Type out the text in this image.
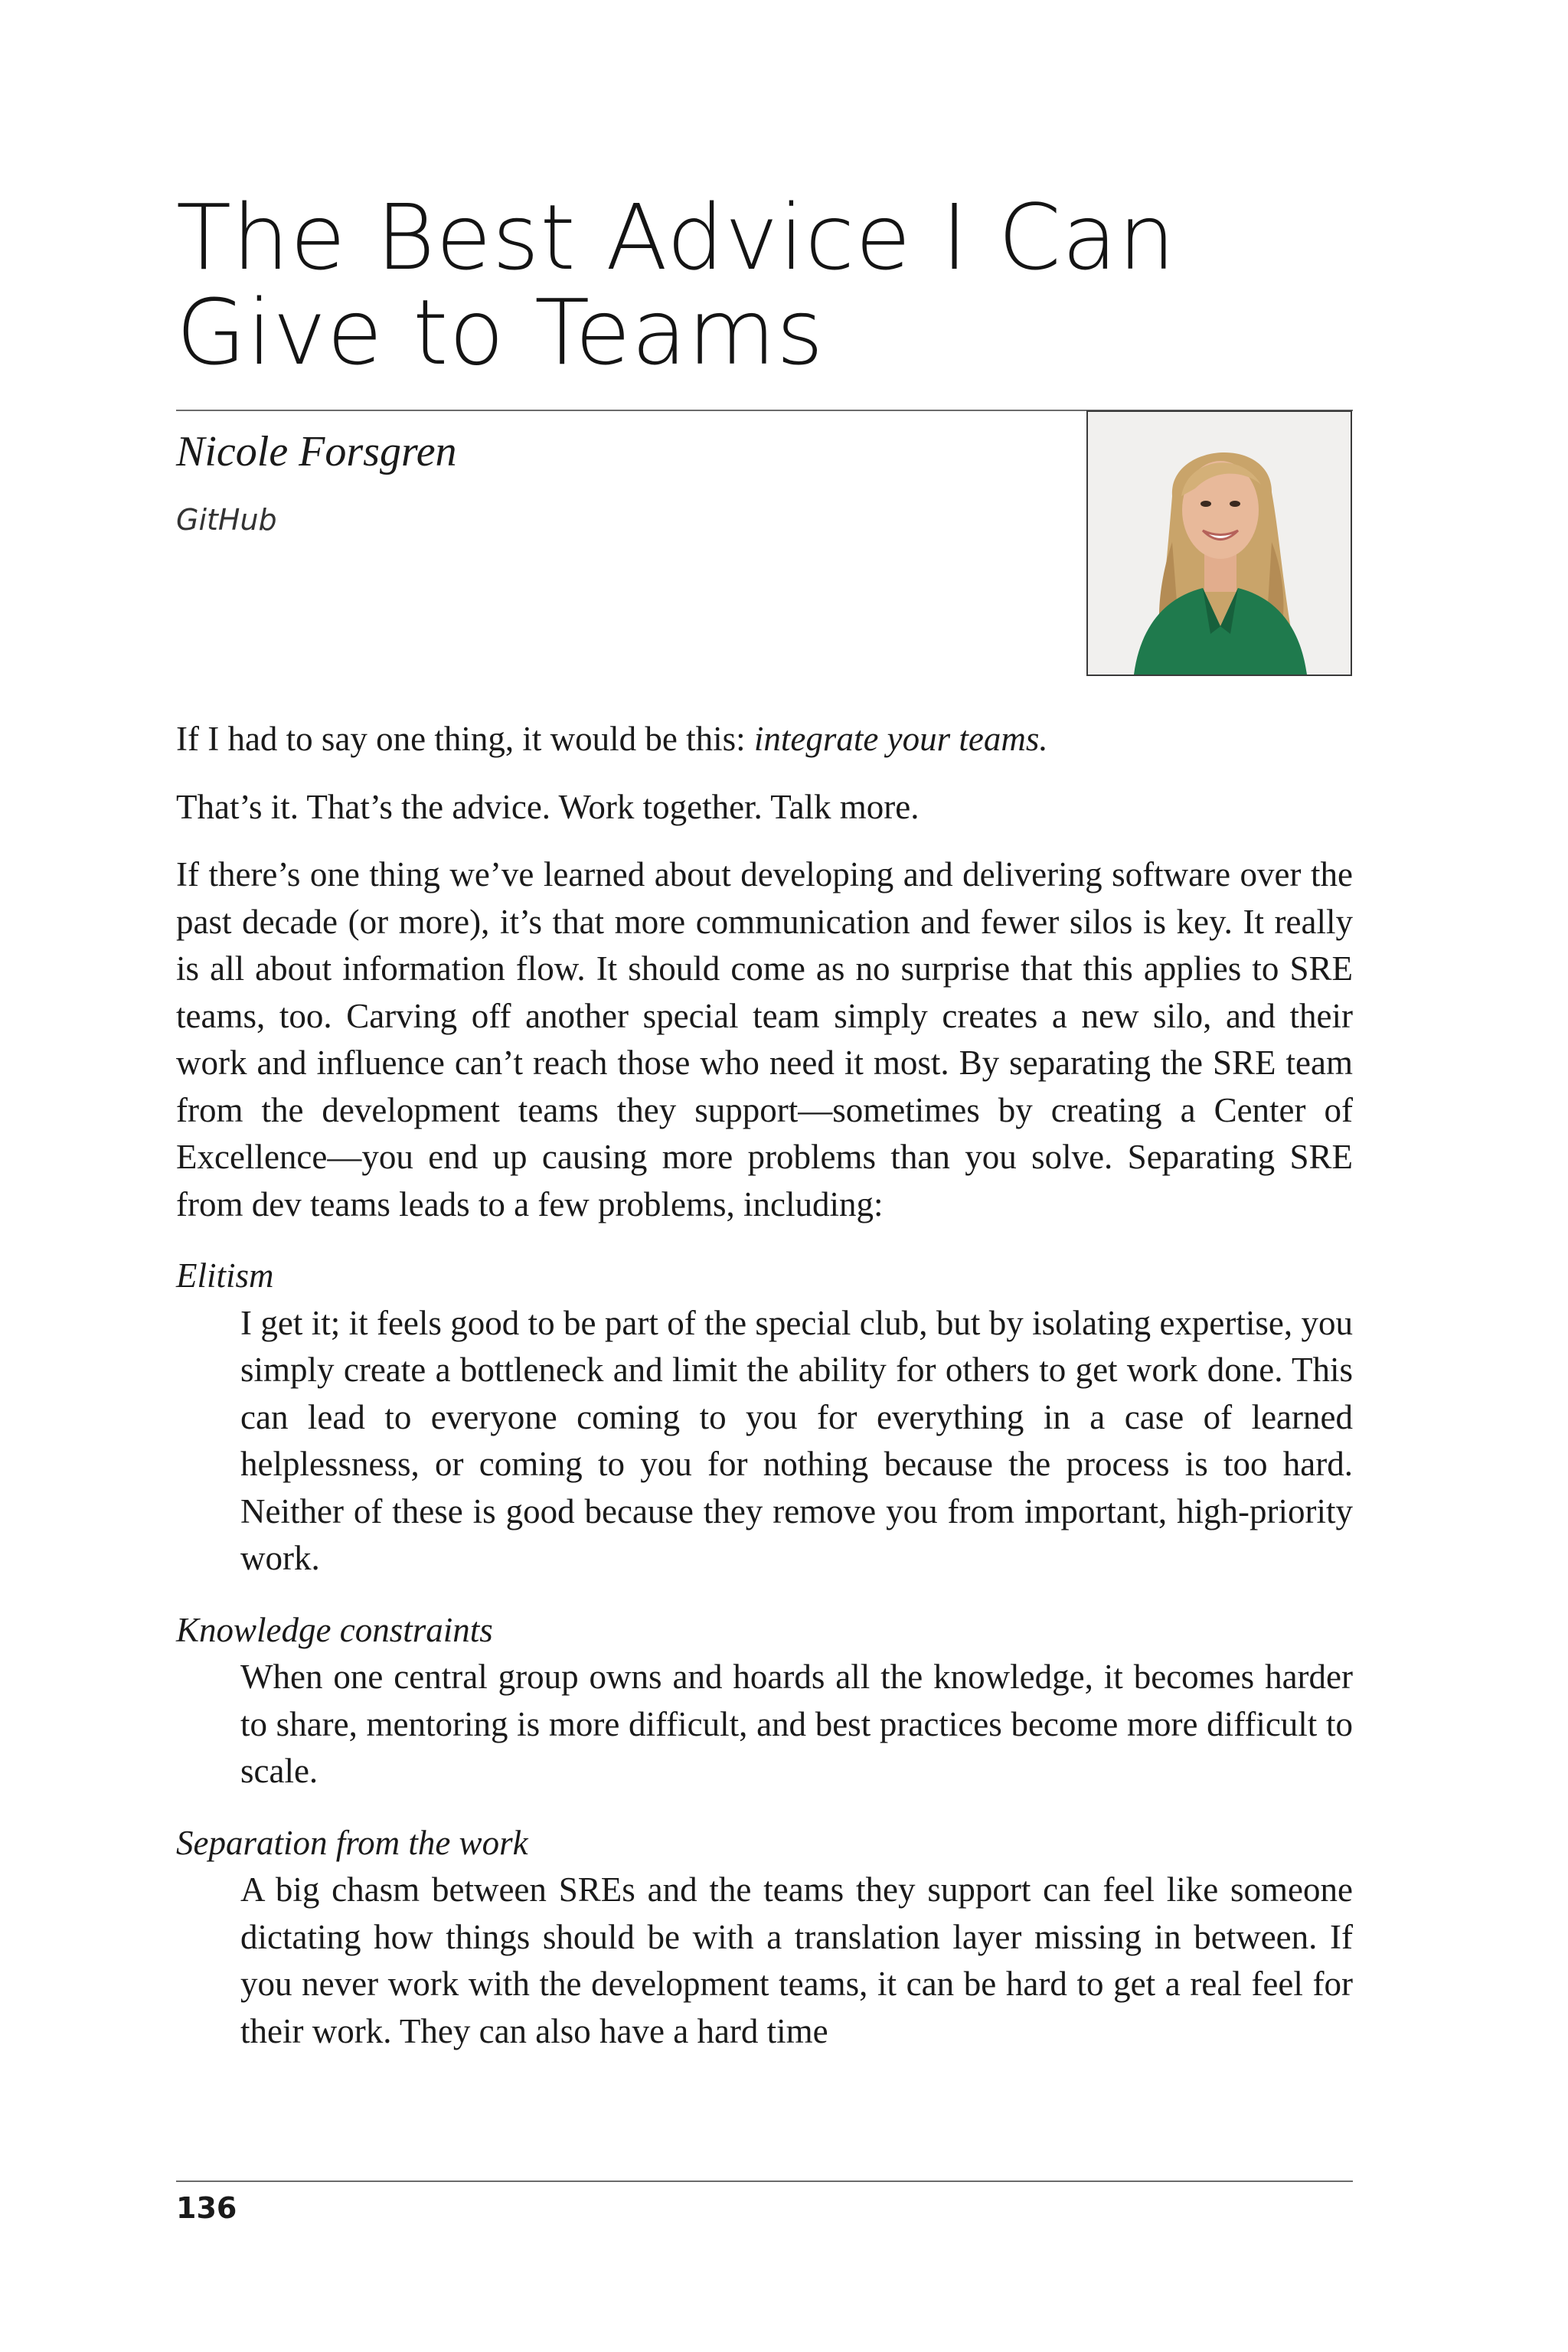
The Best Advice I Can Give to Teams
Nicole Forsgren
GitHub

If I had to say one thing, it would be this: integrate your teams.

That’s it. That’s the advice. Work together. Talk more.

If there’s one thing we’ve learned about developing and delivering software over the past decade (or more), it’s that more communication and fewer silos is key. It really is all about information flow. It should come as no surprise that this applies to SRE teams, too. Carving off another special team simply creates a new silo, and their work and influence can’t reach those who need it most. By separating the SRE team from the development teams they support—sometimes by creating a Center of Excellence—you end up causing more problems than you solve. Separating SRE from dev teams leads to a few problems, including:

Elitism
I get it; it feels good to be part of the special club, but by isolating expertise, you simply create a bottleneck and limit the ability for others to get work done. This can lead to everyone coming to you for everything in a case of learned helplessness, or coming to you for nothing because the process is too hard. Neither of these is good because they remove you from important, high-priority work.
Knowledge constraints
When one central group owns and hoards all the knowledge, it becomes harder to share, mentoring is more difficult, and best practices become more difficult to scale.
Separation from the work
A big chasm between SREs and the teams they support can feel like someone dictating how things should be with a translation layer missing in between. If you never work with the development teams, it can be hard to get a real feel for their work. They can also have a hard time
136
